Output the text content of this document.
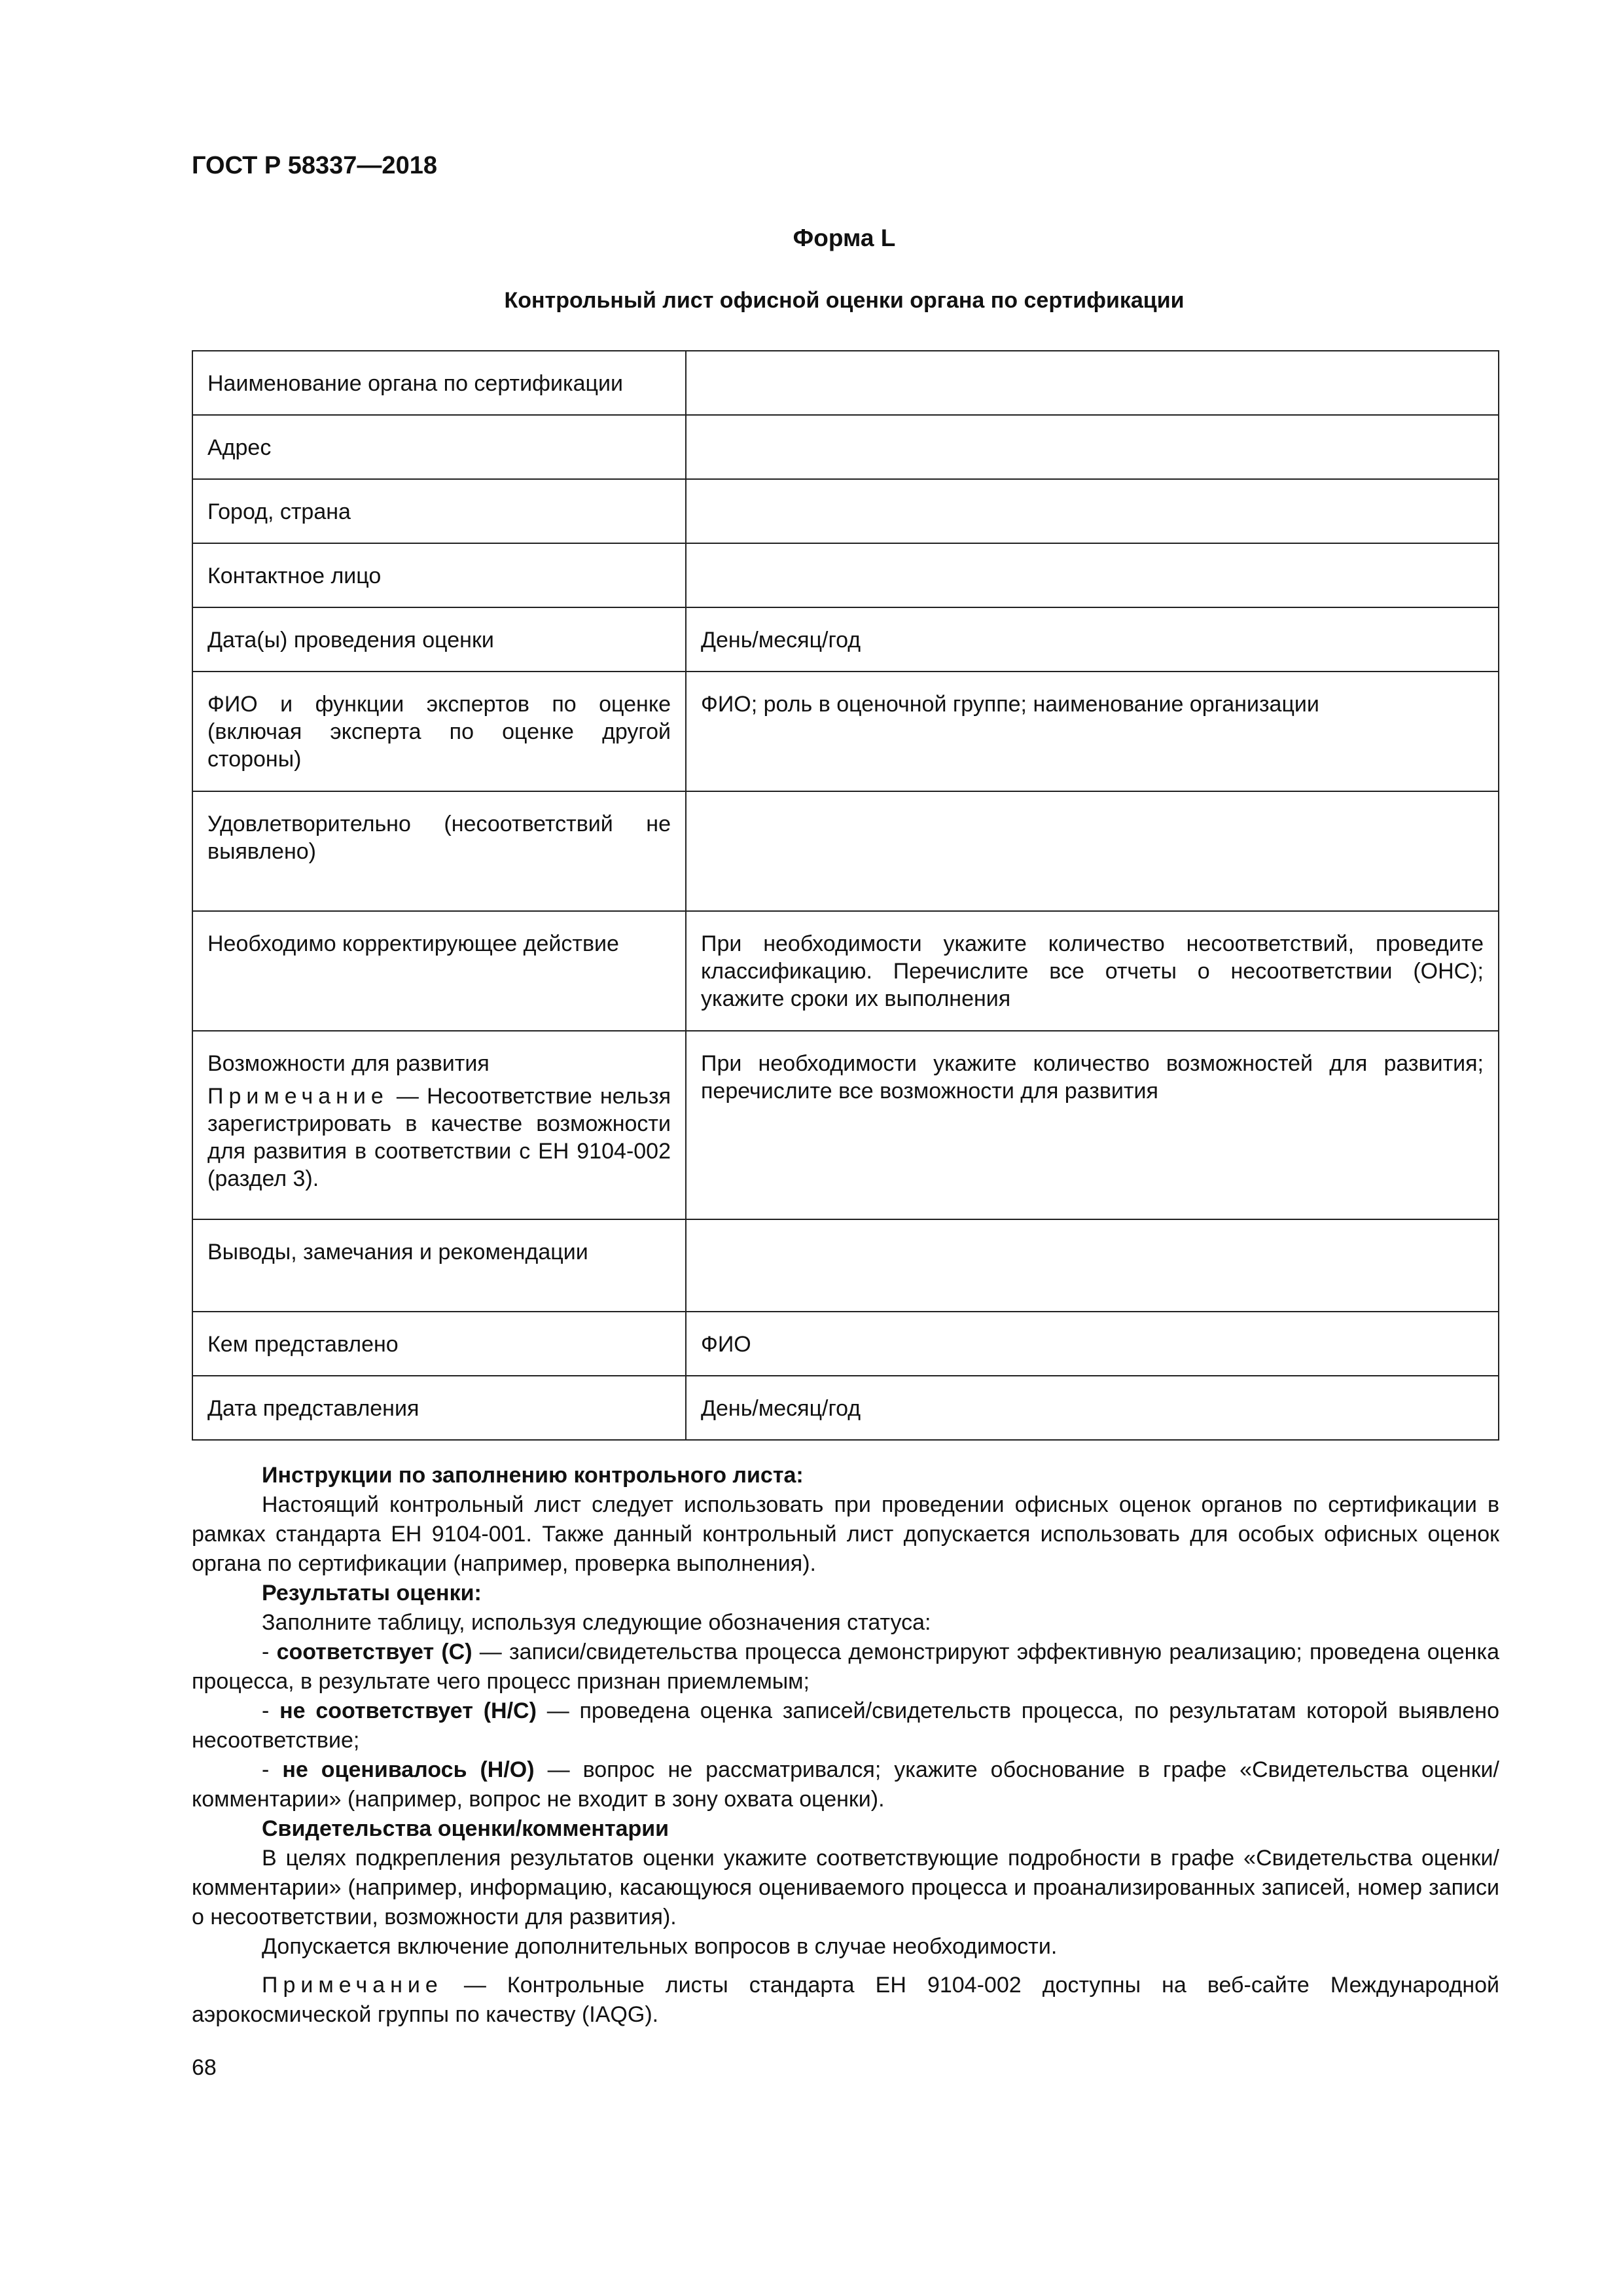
ГОСТ Р 58337—2018
Форма L
Контрольный лист офисной оценки органа по сертификации
Наименование органа по сертификации	
Адрес	
Город, страна	
Контактное лицо	
Дата(ы) проведения оценки	День/месяц/год
ФИО и функции экспертов по оценке (включая эксперта по оценке другой стороны)	ФИО; роль в оценочной группе; наименование организации
Удовлетворительно (несоответствий не выявлено)	
Необходимо корректирующее действие	При необходимости укажите количество несоответствий, проведите классификацию. Перечислите все отчеты о несоответствии (ОНС); укажите сроки их выполнения

Возможности для развития
Примечание — Несоответствие нельзя зарегистрировать в качестве возможности для развития в соответствии с ЕН 9104-002 (раздел 3).	При необходимости укажите количество возможностей для развития; перечислите все возможности для развития
Выводы, замечания и рекомендации	
Кем представлено	ФИО
Дата представления	День/месяц/год

Инструкции по заполнению контрольного листа:

Настоящий контрольный лист следует использовать при проведении офисных оценок органов по сертификации в рамках стандарта ЕН 9104-001. Также данный контрольный лист допускается использовать для особых офисных оценок органа по сертификации (например, проверка выполнения).

Результаты оценки:

Заполните таблицу, используя следующие обозначения статуса:

- соответствует (С) — записи/свидетельства процесса демонстрируют эффективную реализацию; проведена оценка процесса, в результате чего процесс признан приемлемым;

- не соответствует (Н/С) — проведена оценка записей/свидетельств процесса, по результатам которой выявлено несоответствие;

- не оценивалось (Н/О) — вопрос не рассматривался; укажите обоснование в графе «Свидетельства оценки/комментарии» (например, вопрос не входит в зону охвата оценки).

Свидетельства оценки/комментарии

В целях подкрепления результатов оценки укажите соответствующие подробности в графе «Свидетельства оценки/комментарии» (например, информацию, касающуюся оцениваемого процесса и проанализированных записей, номер записи о несоответствии, возможности для развития).

Допускается включение дополнительных вопросов в случае необходимости.

Примечание — Контрольные листы стандарта ЕН 9104-002 доступны на веб-сайте Международной аэрокосмической группы по качеству (IAQG).

68
